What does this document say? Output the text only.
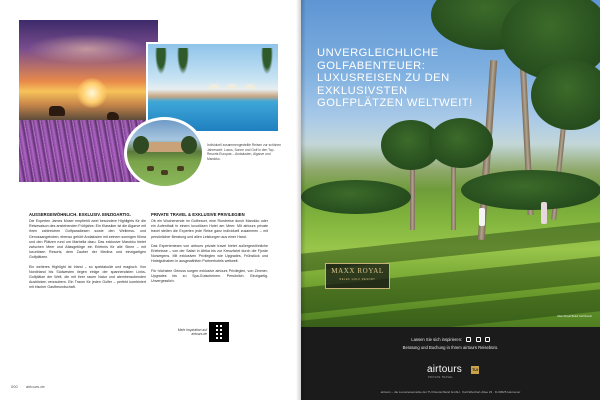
Individuell zusammengestellte Reisen zur schönen Jahreszeit: Luxus, Sonne und Golf in den Top-Resorts Europas – Andalusien, Algarve und Marokko.
AUSSERGEWÖHNLICH. EXKLUSIV. EINZIGARTIG.

Die Experten James Moser empfiehlt zwei besondere Highlights für die Reisesaison des anstehenden Frühjahrs: Ein Klassiker ist die Algarve mit ihren zahlreichen Golfparadiesen sowie den Wellness- und Genussangeboten; ebenso gehört Andalusien mit seinem sonnigen Klima und den Plätzen rund um Marbella dazu. Das exklusive Marokko bietet zwischen Meer und Atlasgebirge ein Erlebnis für alle Sinne – mit luxuriösen Resorts, dem Zauber der Medina und einzigartigen Golfplätzen.

Ein weiteres Highlight ist Irland – so spektakulär und magisch. Von Nordirland bis Südwesten liegen einige der spannendsten Links-Golfplätze der Welt, die mit ihrer rauen Natur und atemberaubenden Ausblicken verzaubern. Ein Traum für jeden Golfer – perfekt kombiniert mit irischer Gastfreundschaft.

PRIVATE TRAVEL & EXKLUSIVE PRIVILEGIEN

Ob ein Wochenende im Golfresort, eine Rundreise durch Marokko oder ein Aufenthalt in einem luxuriösen Hotel am Meer: Mit airtours private travel stellen die Experten jede Reise ganz individuell zusammen – mit persönlicher Beratung und allen Leistungen aus einer Hand.

Das Expertenteam von airtours private travel bietet außergewöhnliche Erlebnisse – von der Safari in Afrika bis zur Kreuzfahrt durch die Fjorde Norwegens. Mit exklusiven Privilegien wie Upgrades, Frühstück und Hotelguthaben in ausgewählten Partnerhotels weltweit.

Für höchsten Genuss sorgen exklusive airtours Privilegien, von Zimmer-Upgrades bis zu Spa-Gutscheinen. Persönlich. Einzigartig. Unvergesslich.

Mehr Inspiration auf airtours.de
000 airtours.de
UNVERGLEICHLICHE GOLFABENTEUER: LUXUSREISEN ZU DEN EXKLUSIVSTEN GOLFPLÄTZEN WELTWEIT!
MAXX ROYAL
BELEK GOLF RESORT
Maxx Royal Belek Golf Resort
Lassen Sie sich inspirieren:
Beratung und Buchung in Ihrem airtours Reisebüro.
airtours	TUI
PRIVATE TRAVEL
airtours – die Luxusreisemarke der TUI Deutschland GmbH · Karl-Wiechert-Allee 23 · D-30625 Hannover
